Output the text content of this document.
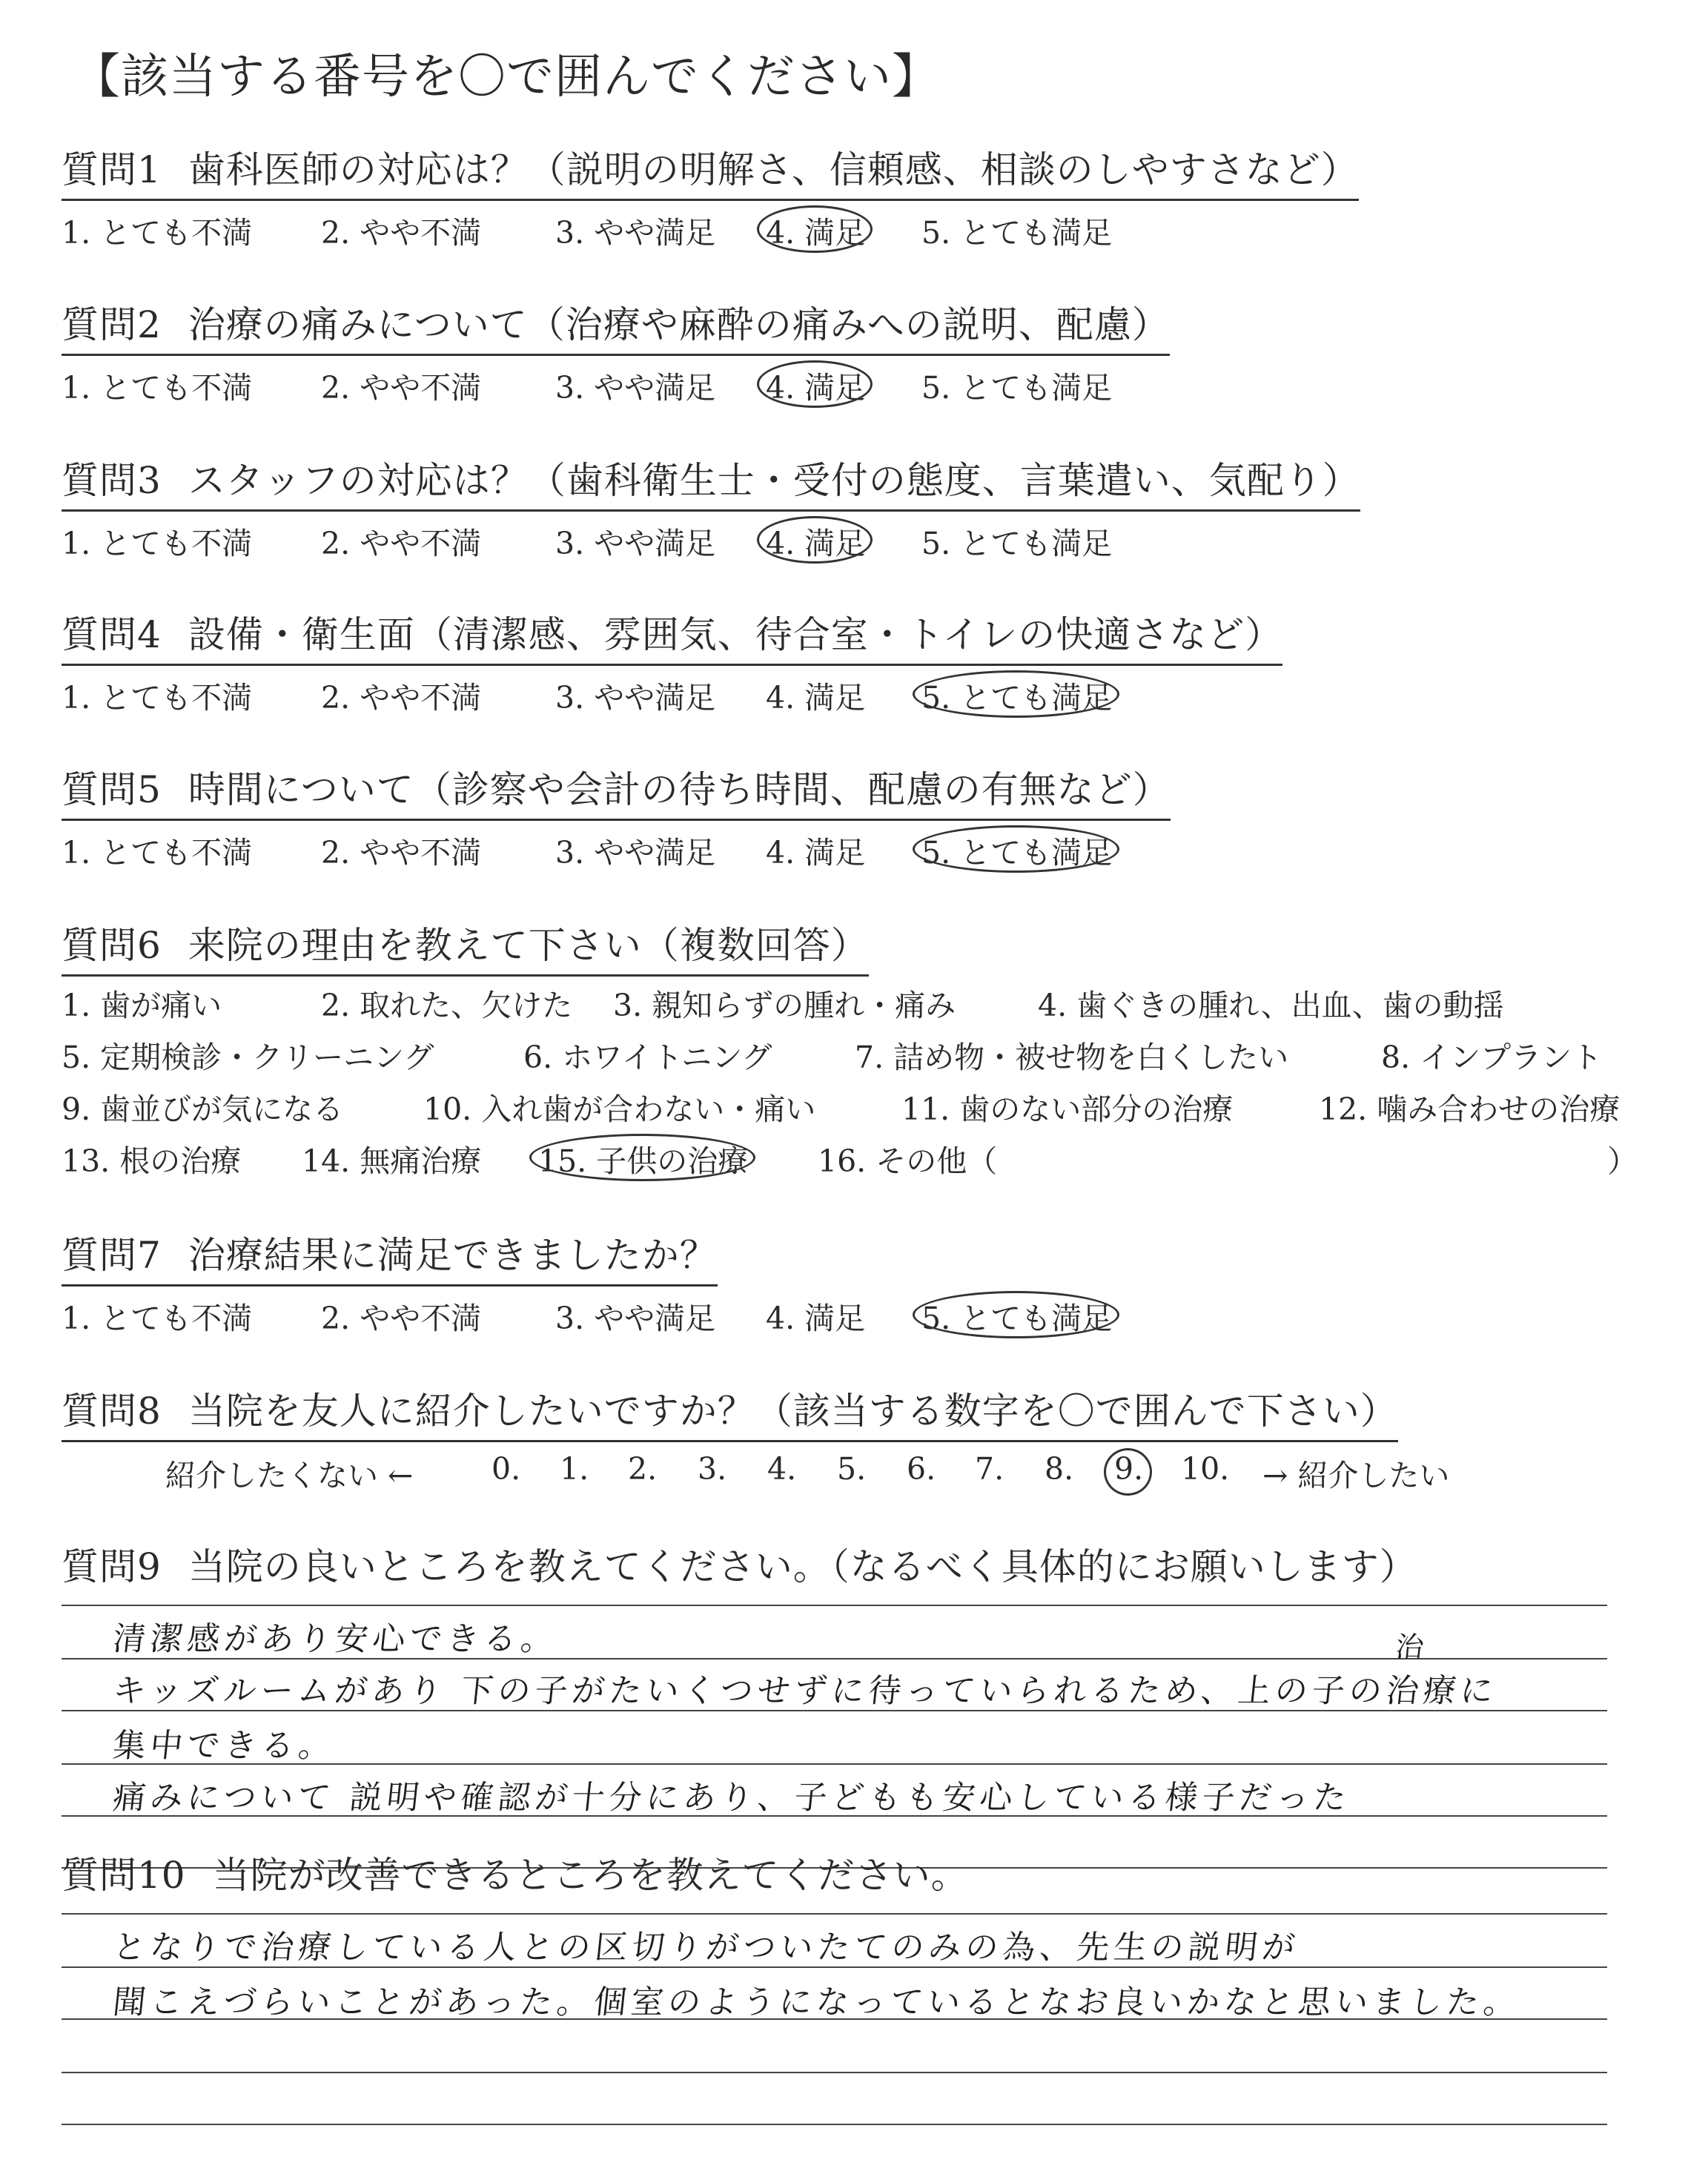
【該当する番号を〇で囲んでください】
質問1 歯科医師の対応は？（説明の明解さ、信頼感、相談のしやすさなど）
1. とても不満 2. やや不満 3. やや満足 4. 満足 5. とても満足
質問2 治療の痛みについて（治療や麻酔の痛みへの説明、配慮）
1. とても不満 2. やや不満 3. やや満足 4. 満足 5. とても満足
質問3 スタッフの対応は？（歯科衛生士・受付の態度、言葉遣い、気配り）
1. とても不満 2. やや不満 3. やや満足 4. 満足 5. とても満足
質問4 設備・衛生面（清潔感、雰囲気、待合室・トイレの快適さなど）
1. とても不満 2. やや不満 3. やや満足 4. 満足 5. とても満足
質問5 時間について（診察や会計の待ち時間、配慮の有無など）
1. とても不満 2. やや不満 3. やや満足 4. 満足 5. とても満足
質問6 来院の理由を教えて下さい（複数回答）
1. 歯が痛い	2. 取れた、欠けた 3. 親知らずの腫れ・痛み	4. 歯ぐきの腫れ、出血、歯の動揺
5. 定期検診・クリーニング	6. ホワイトニング	7. 詰め物・被せ物を白くしたい	8. インプラント
9. 歯並びが気になる	10. 入れ歯が合わない・痛い	11. 歯のない部分の治療	12. 噛み合わせの治療
13. 根の治療 14. 無痛治療 15. 子供の治療 16. その他（	）
質問7 治療結果に満足できましたか？
1. とても不満 2. やや不満 3. やや満足 4. 満足 5. とても満足
質問8 当院を友人に紹介したいですか？（該当する数字を〇で囲んで下さい）
紹介したくない ←	0. 1. 2. 3. 4. 5. 6. 7. 8. 9. 10. → 紹介したい
質問9 当院の良いところを教えてください。（なるべく具体的にお願いします）
清潔感があり安心できる。
キッズルームがあり 下の子がたいくつせずに待っていられるため、上の子の治療に
治
集中できる。
痛みについて 説明や確認が十分にあり、子どもも安心している様子だった
質問10 当院が改善できるところを教えてください。
となりで治療している人との区切りがついたてのみの為、先生の説明が
聞こえづらいことがあった。個室のようになっているとなお良いかなと思いました。
